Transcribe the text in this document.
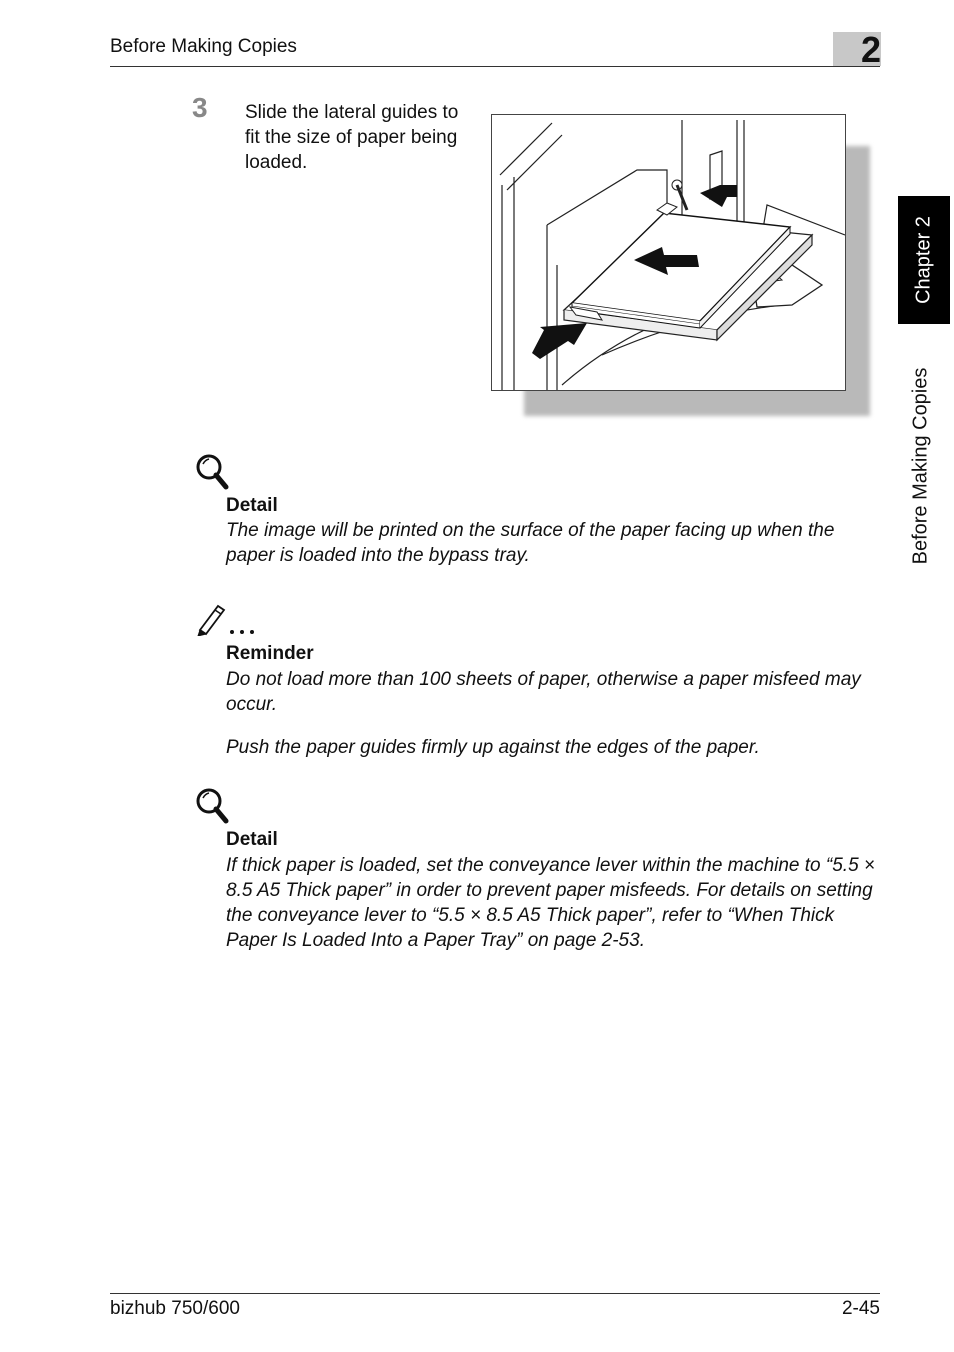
Before Making Copies	2
Chapter 2
Before Making Copies
3 Slide the lateral guides to fit the size of paper being loaded.
Detail
The image will be printed on the surface of the paper facing up when the paper is loaded into the bypass tray.
Reminder
Do not load more than 100 sheets of paper, otherwise a paper misfeed may occur.
Push the paper guides firmly up against the edges of the paper.
Detail
If thick paper is loaded, set the conveyance lever within the machine to “5.5 × 8.5 A5 Thick paper” in order to prevent paper misfeeds. For details on setting the conveyance lever to “5.5 × 8.5 A5 Thick paper”, refer to “When Thick Paper Is Loaded Into a Paper Tray” on page 2-53.
bizhub 750/600	2-45
